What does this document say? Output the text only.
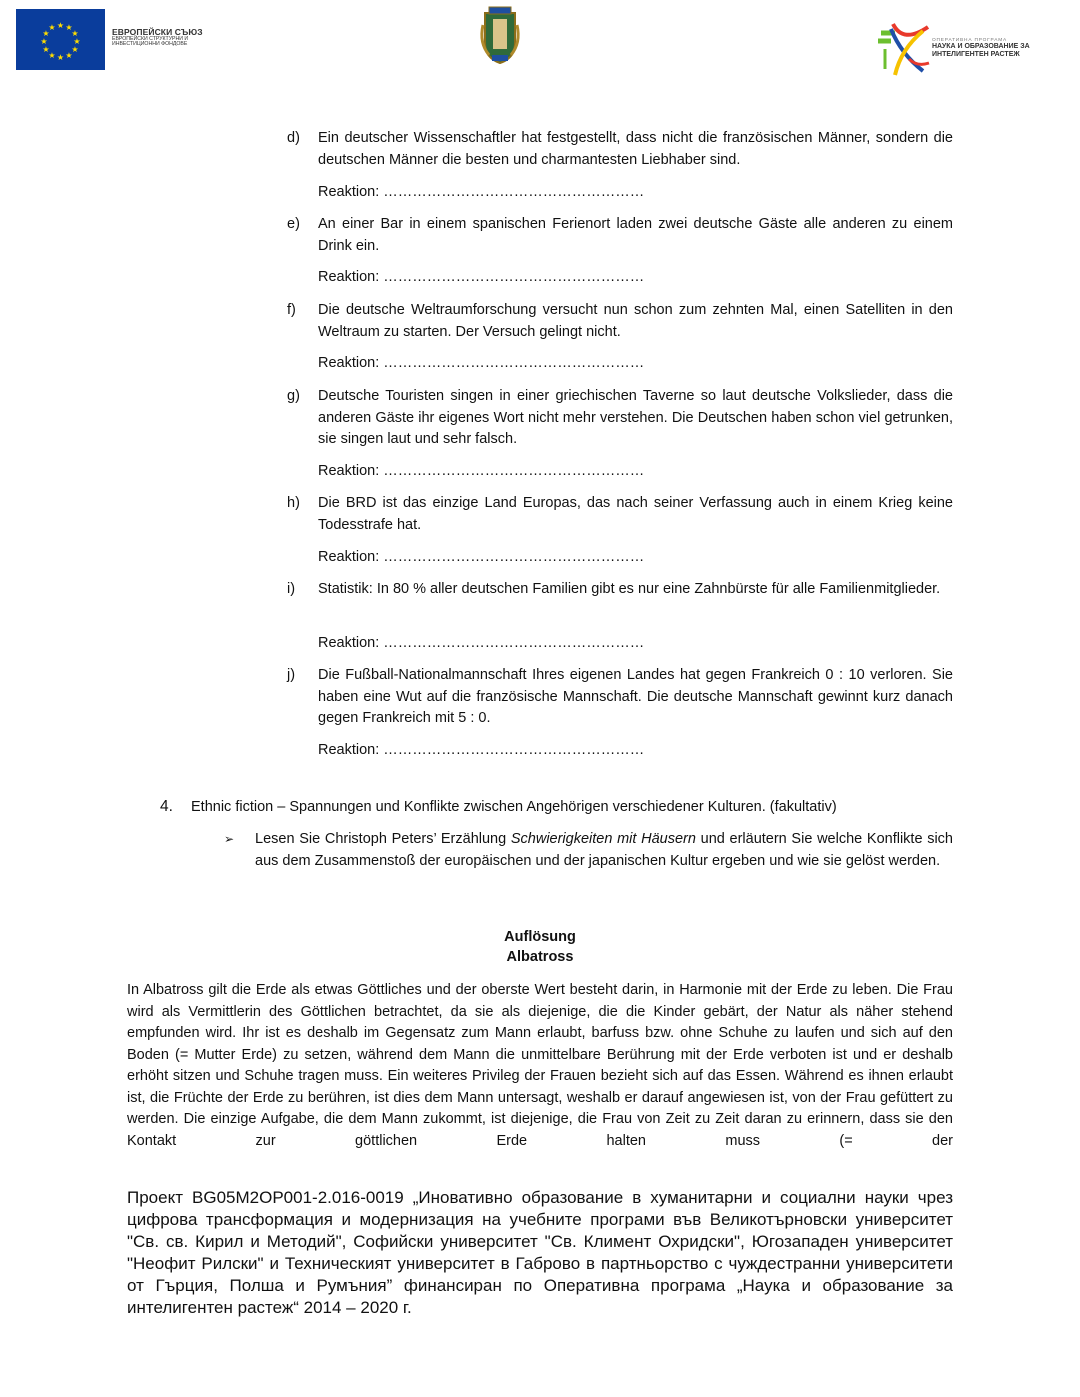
★ ★
★
★
★
★
★
★
★
★
★
★	ЕВРОПЕЙСКИ СЪЮЗ
ЕВРОПЕЙСКИ СТРУКТУРНИ И
ИНВЕСТИЦИОННИ ФОНДОВЕ
ОПЕРАТИВНА ПРОГРАМА
НАУКА И ОБРАЗОВАНИЕ ЗА
ИНТЕЛИГЕНТЕН РАСТЕЖ
d) Ein deutscher Wissenschaftler hat festgestellt, dass nicht die französischen Männer, sondern die deutschen Männer die besten und charmantesten Liebhaber sind.
Reaktion: ………………………………………………
e) An einer Bar in einem spanischen Ferienort laden zwei deutsche Gäste alle anderen zu einem Drink ein.
Reaktion: ………………………………………………
f) Die deutsche Weltraumforschung versucht nun schon zum zehnten Mal, einen Satelliten in den Weltraum zu starten. Der Versuch gelingt nicht.
Reaktion: ………………………………………………
g) Deutsche Touristen singen in einer griechischen Taverne so laut deutsche Volkslieder, dass die anderen Gäste ihr eigenes Wort nicht mehr verstehen. Die Deutschen haben schon viel getrunken, sie singen laut und sehr falsch.
Reaktion: ………………………………………………
h) Die BRD ist das einzige Land Europas, das nach seiner Verfassung auch in einem Krieg keine Todesstrafe hat.
Reaktion: ………………………………………………
i) Statistik: In 80 % aller deutschen Familien gibt es nur eine Zahnbürste für alle Familienmitglieder.
Reaktion: ………………………………………………
j) Die Fußball-Nationalmannschaft Ihres eigenen Landes hat gegen Frankreich 0 : 10 verloren. Sie haben eine Wut auf die französische Mannschaft. Die deutsche Mannschaft gewinnt kurz danach gegen Frankreich mit 5 : 0.
Reaktion: ………………………………………………
4. Ethnic fiction – Spannungen und Konflikte zwischen Angehörigen verschiedener Kulturen. (fakultativ)
➢ Lesen Sie Christoph Peters’ Erzählung Schwierigkeiten mit Häusern und erläutern Sie welche Konflikte sich aus dem Zusammenstoß der europäischen und der japanischen Kultur ergeben und wie sie gelöst werden.
Auflösung
Albatross
In Albatross gilt die Erde als etwas Göttliches und der oberste Wert besteht darin, in Harmonie mit der Erde zu leben. Die Frau wird als Vermittlerin des Göttlichen betrachtet, da sie als diejenige, die die Kinder gebärt, der Natur als näher stehend empfunden wird. Ihr ist es deshalb im Gegensatz zum Mann erlaubt, barfuss bzw. ohne Schuhe zu laufen und sich auf den Boden (= Mutter Erde) zu setzen, während dem Mann die unmittelbare Berührung mit der Erde verboten ist und er deshalb erhöht sitzen und Schuhe tragen muss. Ein weiteres Privileg der Frauen bezieht sich auf das Essen. Während es ihnen erlaubt ist, die Früchte der Erde zu berühren, ist dies dem Mann untersagt, weshalb er darauf angewiesen ist, von der Frau gefüttert zu werden. Die einzige Aufgabe, die dem Mann zukommt, ist diejenige, die Frau von Zeit zu Zeit daran zu erinnern, dass sie den Kontakt zur göttlichen Erde halten muss (= der
Проект BG05M2OP001-2.016-0019 „Иновативно образование в хуманитарни и социални науки чрез цифрова трансформация и модернизация на учебните програми във Великотърновски университет "Св. св. Кирил и Методий", Софийски университет "Св. Климент Охридски", Югозападен университет "Неофит Рилски" и Техническият университет в Габрово в партньорство с чуждестранни университети от Гърция, Полша и Румъния” финансиран по Оперативна програма „Наука и образование за интелигентен растеж“ 2014 – 2020 г.
